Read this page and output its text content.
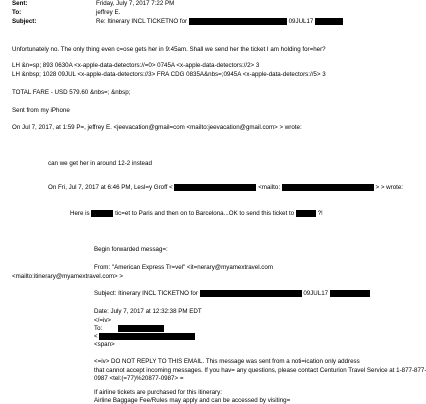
Sent:	Friday, July 7, 2017 7:22 PM
To:	jeffrey E.
Subject:	Re: Itinerary INCL TICKETNO for	09JUL17
Unfortunately no. The only thing even c=ose gets her in 9:45am. Shall we send her the ticket I am holding for=her?
LH &n=sp; 893 0630A <x-apple-data-detectors://=0> 0745A <x-apple-data-detectors://2> 3
LH &nbsp; 1028 09JUL <x-apple-data-detectors://3> FRA CDG 0835A&nbs=;0945A <x-apple-data-detectors://5> 3
TOTAL FARE - USD 579.60 &nbs=; &nbsp;
Sent from my iPhone
On Jul 7, 2017, at 1:59 P=, jeffrey E. <jeevacation@gmail=com <mailto:jeevacation@gmail.com> > wrote:
can we get her in around 12-2 instead
On Fri, Jul 7, 2017 at 6:46 PM, Lesl=y Groff <	<mailto:	> > wrote:
Here is	tic=et to Paris and then on to Barcelona...OK to send this ticket to	?!
Begin forwarded messag=:
From: "American Express Tr=vel" <it=nerary@myamextravel.com
<mailto:itinerary@myamextravel.com> >
Subject: Itinerary INCL TICKETNO for	09JUL17
Date: July 7, 2017 at 12:32:38 PM EDT
</=iv>
To:
<
<span>
<=iv> DO NOT REPLY TO THIS EMAIL. This message was sent from a noti=ication only address
that cannot accept incoming messages. If you hav= any questions, please contact Centurion Travel Service at 1-877-877-
0987 <tel:(=77)%20877-0987> =
If airline tickets are purchased for this itinerary:
Airline Baggage Fee/Rules may apply and can be accessed by visiting=
